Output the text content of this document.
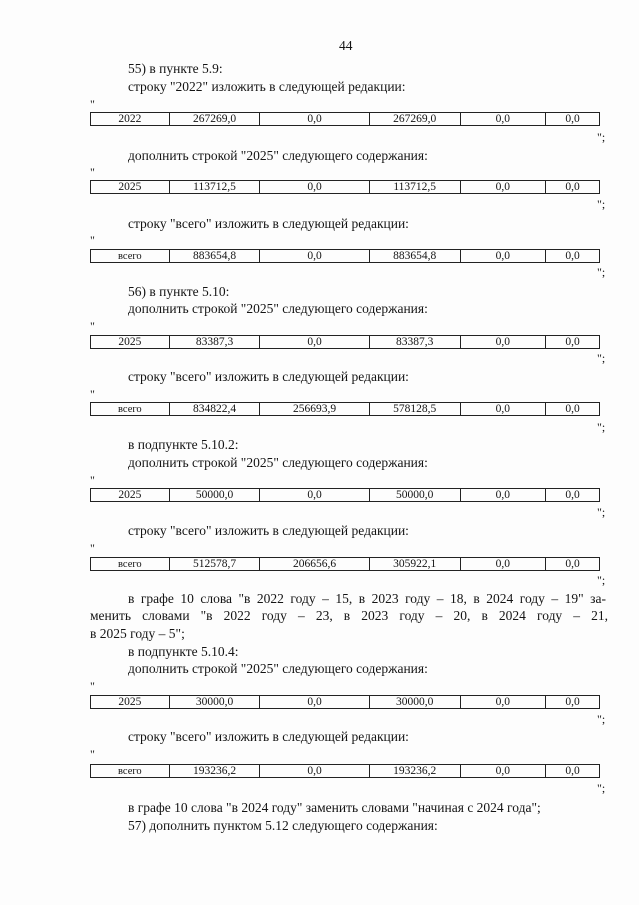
44
55) в пункте 5.9:
строку "2022" изложить в следующей редакции:
"
2022	267269,0	0,0	267269,0	0,0	0,0
";
дополнить строкой "2025" следующего содержания:
"
2025	113712,5	0,0	113712,5	0,0	0,0
";
строку "всего" изложить в следующей редакции:
"
всего	883654,8	0,0	883654,8	0,0	0,0
";
56) в пункте 5.10:
дополнить строкой "2025" следующего содержания:
"
2025	83387,3	0,0	83387,3	0,0	0,0
";
строку "всего" изложить в следующей редакции:
"
всего	834822,4	256693,9	578128,5	0,0	0,0
";
в подпункте 5.10.2:
дополнить строкой "2025" следующего содержания:
"
2025	50000,0	0,0	50000,0	0,0	0,0
";
строку "всего" изложить в следующей редакции:
"
всего	512578,7	206656,6	305922,1	0,0	0,0
";
в графе 10 слова "в 2022 году – 15, в 2023 году – 18, в 2024 году – 19" за-
менить словами "в 2022 году – 23, в 2023 году – 20, в 2024 году – 21,
в 2025 году – 5";
в подпункте 5.10.4:
дополнить строкой "2025" следующего содержания:
"
2025	30000,0	0,0	30000,0	0,0	0,0
";
строку "всего" изложить в следующей редакции:
"
всего	193236,2	0,0	193236,2	0,0	0,0
";
в графе 10 слова "в 2024 году" заменить словами "начиная с 2024 года";
57) дополнить пунктом 5.12 следующего содержания:
